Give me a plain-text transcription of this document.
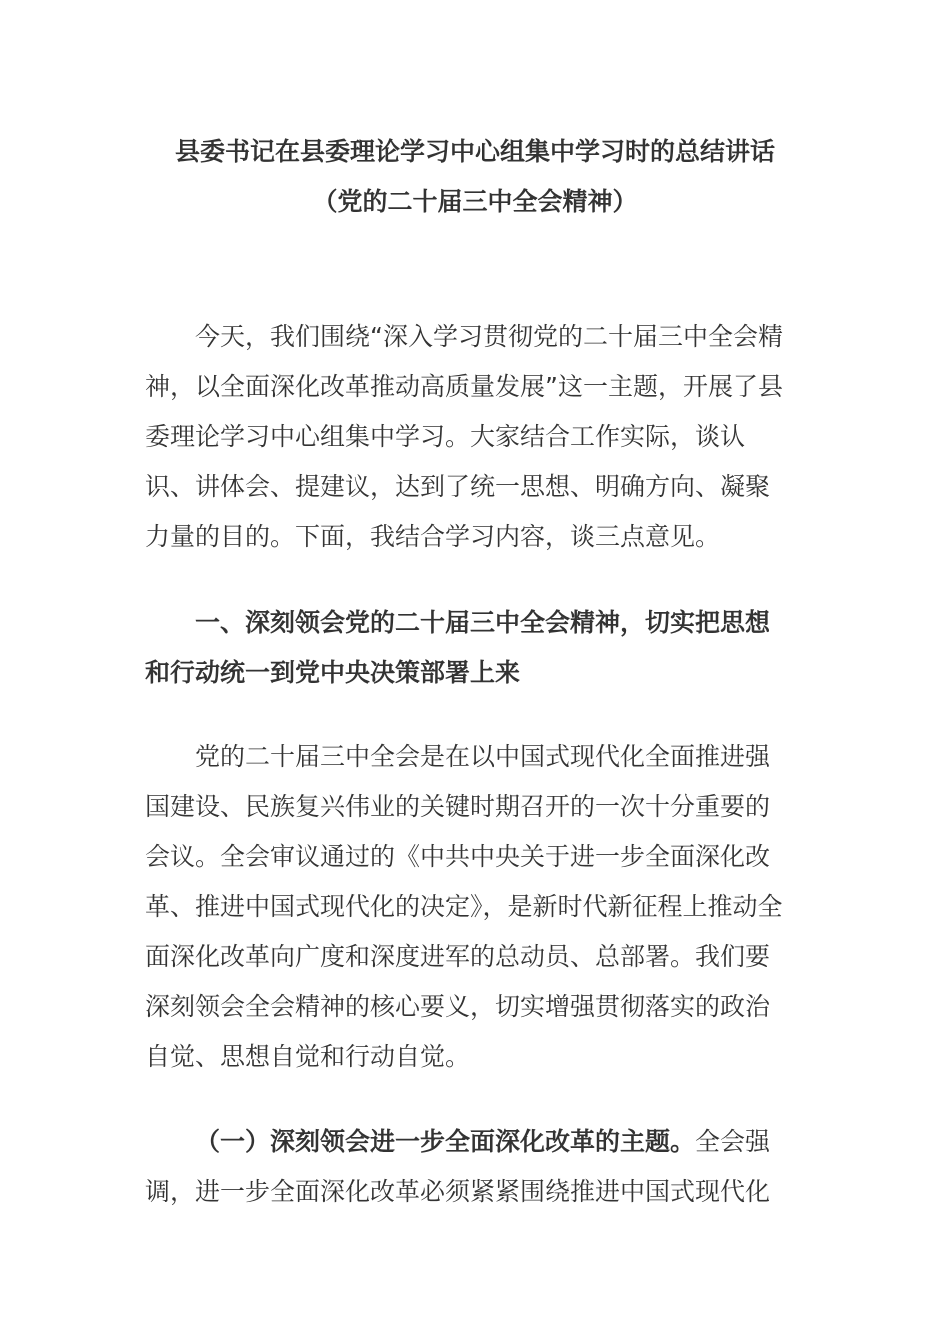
县委书记在县委理论学习中心组集中学习时的总结讲话
（党的二十届三中全会精神）

今天，我们围绕“深入学习贯彻党的二十届三中全会精神，以全面深化改革推动高质量发展”这一主题，开展了县委理论学习中心组集中学习。大家结合工作实际，谈认识、讲体会、提建议，达到了统一思想、明确方向、凝聚力量的目的。下面，我结合学习内容，谈三点意见。

一、深刻领会党的二十届三中全会精神，切实把思想和行动统一到党中央决策部署上来

党的二十届三中全会是在以中国式现代化全面推进强国建设、民族复兴伟业的关键时期召开的一次十分重要的会议。全会审议通过的《中共中央关于进一步全面深化改革、推进中国式现代化的决定》，是新时代新征程上推动全面深化改革向广度和深度进军的总动员、总部署。我们要深刻领会全会精神的核心要义，切实增强贯彻落实的政治自觉、思想自觉和行动自觉。

（一）深刻领会进一步全面深化改革的主题。全会强调，进一步全面深化改革必须紧紧围绕推进中国式现代化
